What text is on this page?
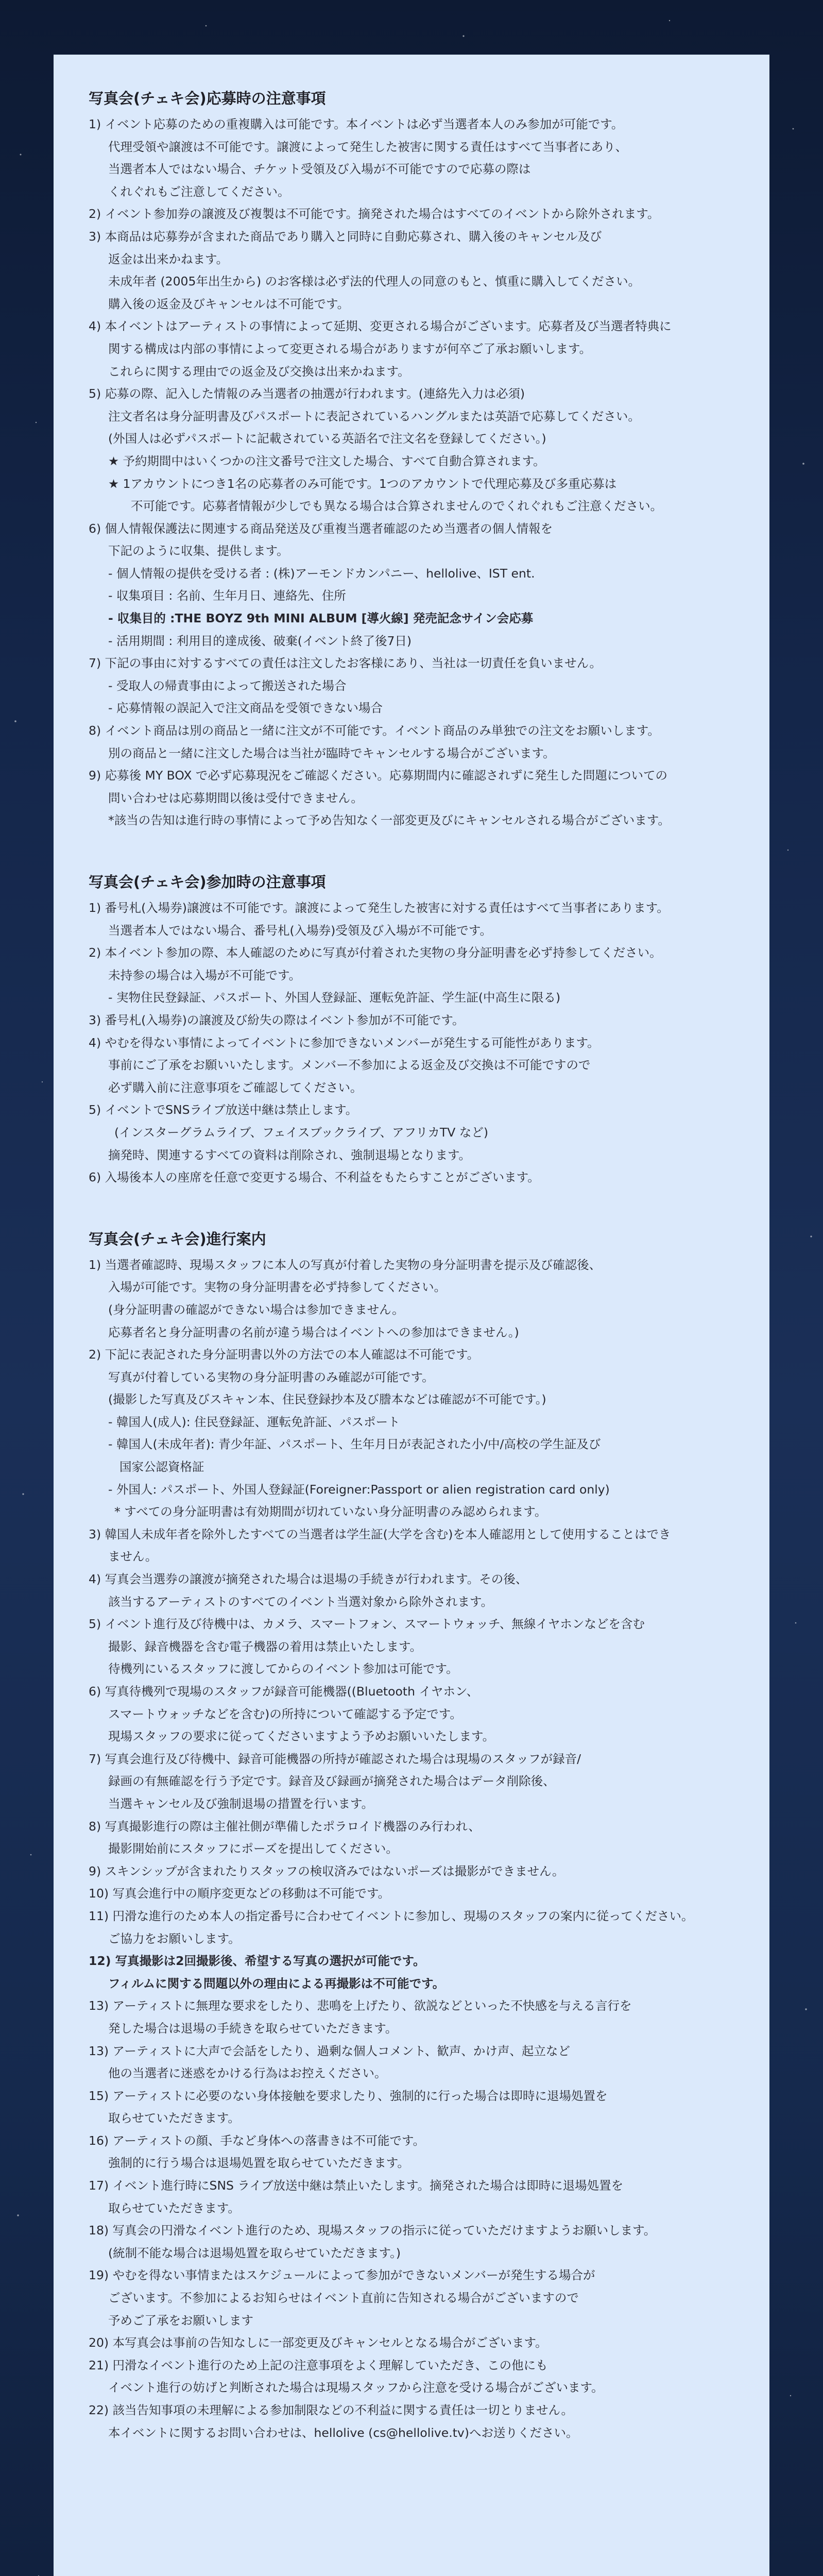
写真会(チェキ会)応募時の注意事項
1) イベント応募のための重複購入は可能です。本イベントは必ず当選者本人のみ参加が可能です。
代理受領や譲渡は不可能です。譲渡によって発生した被害に関する責任はすべて当事者にあり、
当選者本人ではない場合、チケット受領及び入場が不可能ですので応募の際は
くれぐれもご注意してください。
2) イベント参加券の譲渡及び複製は不可能です。摘発された場合はすべてのイベントから除外されます。
3) 本商品は応募券が含まれた商品であり購入と同時に自動応募され、購入後のキャンセル及び
返金は出来かねます。
未成年者 (2005年出生から) のお客様は必ず法的代理人の同意のもと、慎重に購入してください。
購入後の返金及びキャンセルは不可能です。
4) 本イベントはアーティストの事情によって延期、変更される場合がございます。応募者及び当選者特典に
関する構成は内部の事情によって変更される場合がありますが何卒ご了承お願いします。
これらに関する理由での返金及び交換は出来かねます。
5) 応募の際、記入した情報のみ当選者の抽選が行われます。(連絡先入力は必須)
注文者名は身分証明書及びパスポートに表記されているハングルまたは英語で応募してください。
(外国人は必ずパスポートに記載されている英語名で注文名を登録してください。)
★ 予約期間中はいくつかの注文番号で注文した場合、すべて自動合算されます。
★ 1アカウントにつき1名の応募者のみ可能です。1つのアカウントで代理応募及び多重応募は
不可能です。応募者情報が少しでも異なる場合は合算されませんのでくれぐれもご注意ください。
6) 個人情報保護法に関連する商品発送及び重複当選者確認のため当選者の個人情報を
下記のように収集、提供します。
- 個人情報の提供を受ける者 : (株)アーモンドカンパニー、hellolive、IST ent.
- 収集項目 : 名前、生年月日、連絡先、住所
- 収集目的 :THE BOYZ 9th MINI ALBUM [導火線] 発売記念サイン会応募
- 活用期間 : 利用目的達成後、破棄(イベント終了後7日)
7) 下記の事由に対するすべての責任は注文したお客様にあり、当社は一切責任を負いません。
- 受取人の帰責事由によって搬送された場合
- 応募情報の誤記入で注文商品を受領できない場合
8) イベント商品は別の商品と一緒に注文が不可能です。イベント商品のみ単独での注文をお願いします。
別の商品と一緒に注文した場合は当社が臨時でキャンセルする場合がございます。
9) 応募後 MY BOX で必ず応募現況をご確認ください。応募期間内に確認されずに発生した問題についての
問い合わせは応募期間以後は受付できません。
*該当の告知は進行時の事情によって予め告知なく一部変更及びにキャンセルされる場合がございます。
写真会(チェキ会)参加時の注意事項
1) 番号札(入場券)譲渡は不可能です。譲渡によって発生した被害に対する責任はすべて当事者にあります。
当選者本人ではない場合、番号札(入場券)受領及び入場が不可能です。
2) 本イベント参加の際、本人確認のために写真が付着された実物の身分証明書を必ず持参してください。
未持参の場合は入場が不可能です。
- 実物住民登録証、パスポート、外国人登録証、運転免許証、学生証(中高生に限る)
3) 番号札(入場券)の譲渡及び紛失の際はイベント参加が不可能です。
4) やむを得ない事情によってイベントに参加できないメンバーが発生する可能性があります。
事前にご了承をお願いいたします。メンバー不参加による返金及び交換は不可能ですので
必ず購入前に注意事項をご確認してください。
5) イベントでSNSライブ放送中継は禁止します。
(インスターグラムライブ、フェイスブックライブ、アフリカTV など)
摘発時、関連するすべての資料は削除され、強制退場となります。
6) 入場後本人の座席を任意で変更する場合、不利益をもたらすことがございます。
写真会(チェキ会)進行案内
1) 当選者確認時、現場スタッフに本人の写真が付着した実物の身分証明書を提示及び確認後、
入場が可能です。実物の身分証明書を必ず持参してください。
(身分証明書の確認ができない場合は参加できません。
応募者名と身分証明書の名前が違う場合はイベントへの参加はできません。)
2) 下記に表記された身分証明書以外の方法での本人確認は不可能です。
写真が付着している実物の身分証明書のみ確認が可能です。
(撮影した写真及びスキャン本、住民登録抄本及び謄本などは確認が不可能です。)
- 韓国人(成人): 住民登録証、運転免許証、パスポート
- 韓国人(未成年者): 青少年証、パスポート、生年月日が表記された小/中/高校の学生証及び
国家公認資格証
- 外国人: パスポート、外国人登録証(Foreigner:Passport or alien registration card only)
* すべての身分証明書は有効期間が切れていない身分証明書のみ認められます。
3) 韓国人未成年者を除外したすべての当選者は学生証(大学を含む)を本人確認用として使用することはでき
ません。
4) 写真会当選券の譲渡が摘発された場合は退場の手続きが行われます。その後、
該当するアーティストのすべてのイベント当選対象から除外されます。
5) イベント進行及び待機中は、カメラ、スマートフォン、スマートウォッチ、無線イヤホンなどを含む
撮影、録音機器を含む電子機器の着用は禁止いたします。
待機列にいるスタッフに渡してからのイベント参加は可能です。
6) 写真待機列で現場のスタッフが録音可能機器((Bluetooth イヤホン、
スマートウォッチなどを含む)の所持について確認する予定です。
現場スタッフの要求に従ってくださいますよう予めお願いいたします。
7) 写真会進行及び待機中、録音可能機器の所持が確認された場合は現場のスタッフが録音/
録画の有無確認を行う予定です。録音及び録画が摘発された場合はデータ削除後、
当選キャンセル及び強制退場の措置を行います。
8) 写真撮影進行の際は主催社側が準備したポラロイド機器のみ行われ、
撮影開始前にスタッフにポーズを提出してください。
9) スキンシップが含まれたりスタッフの検収済みではないポーズは撮影ができません。
10) 写真会進行中の順序変更などの移動は不可能です。
11) 円滑な進行のため本人の指定番号に合わせてイベントに参加し、現場のスタッフの案内に従ってください。
ご協力をお願いします。
12) 写真撮影は2回撮影後、希望する写真の選択が可能です。
フィルムに関する問題以外の理由による再撮影は不可能です。
13) アーティストに無理な要求をしたり、悲鳴を上げたり、欲説などといった不快感を与える言行を
発した場合は退場の手続きを取らせていただきます。
13) アーティストに大声で会話をしたり、過剰な個人コメント、歓声、かけ声、起立など
他の当選者に迷惑をかける行為はお控えください。
15) アーティストに必要のない身体接触を要求したり、強制的に行った場合は即時に退場処置を
取らせていただきます。
16) アーティストの顔、手など身体への落書きは不可能です。
強制的に行う場合は退場処置を取らせていただきます。
17) イベント進行時にSNS ライブ放送中継は禁止いたします。摘発された場合は即時に退場処置を
取らせていただきます。
18) 写真会の円滑なイベント進行のため、現場スタッフの指示に従っていただけますようお願いします。
(統制不能な場合は退場処置を取らせていただきます。)
19) やむを得ない事情またはスケジュールによって参加ができないメンバーが発生する場合が
ございます。不参加によるお知らせはイベント直前に告知される場合がございますので
予めご了承をお願いします
20) 本写真会は事前の告知なしに一部変更及びキャンセルとなる場合がございます。
21) 円滑なイベント進行のため上記の注意事項をよく理解していただき、この他にも
イベント進行の妨げと判断された場合は現場スタッフから注意を受ける場合がございます。
22) 該当告知事項の未理解による参加制限などの不利益に関する責任は一切とりません。
本イベントに関するお問い合わせは、hellolive (cs@hellolive.tv)へお送りください。
